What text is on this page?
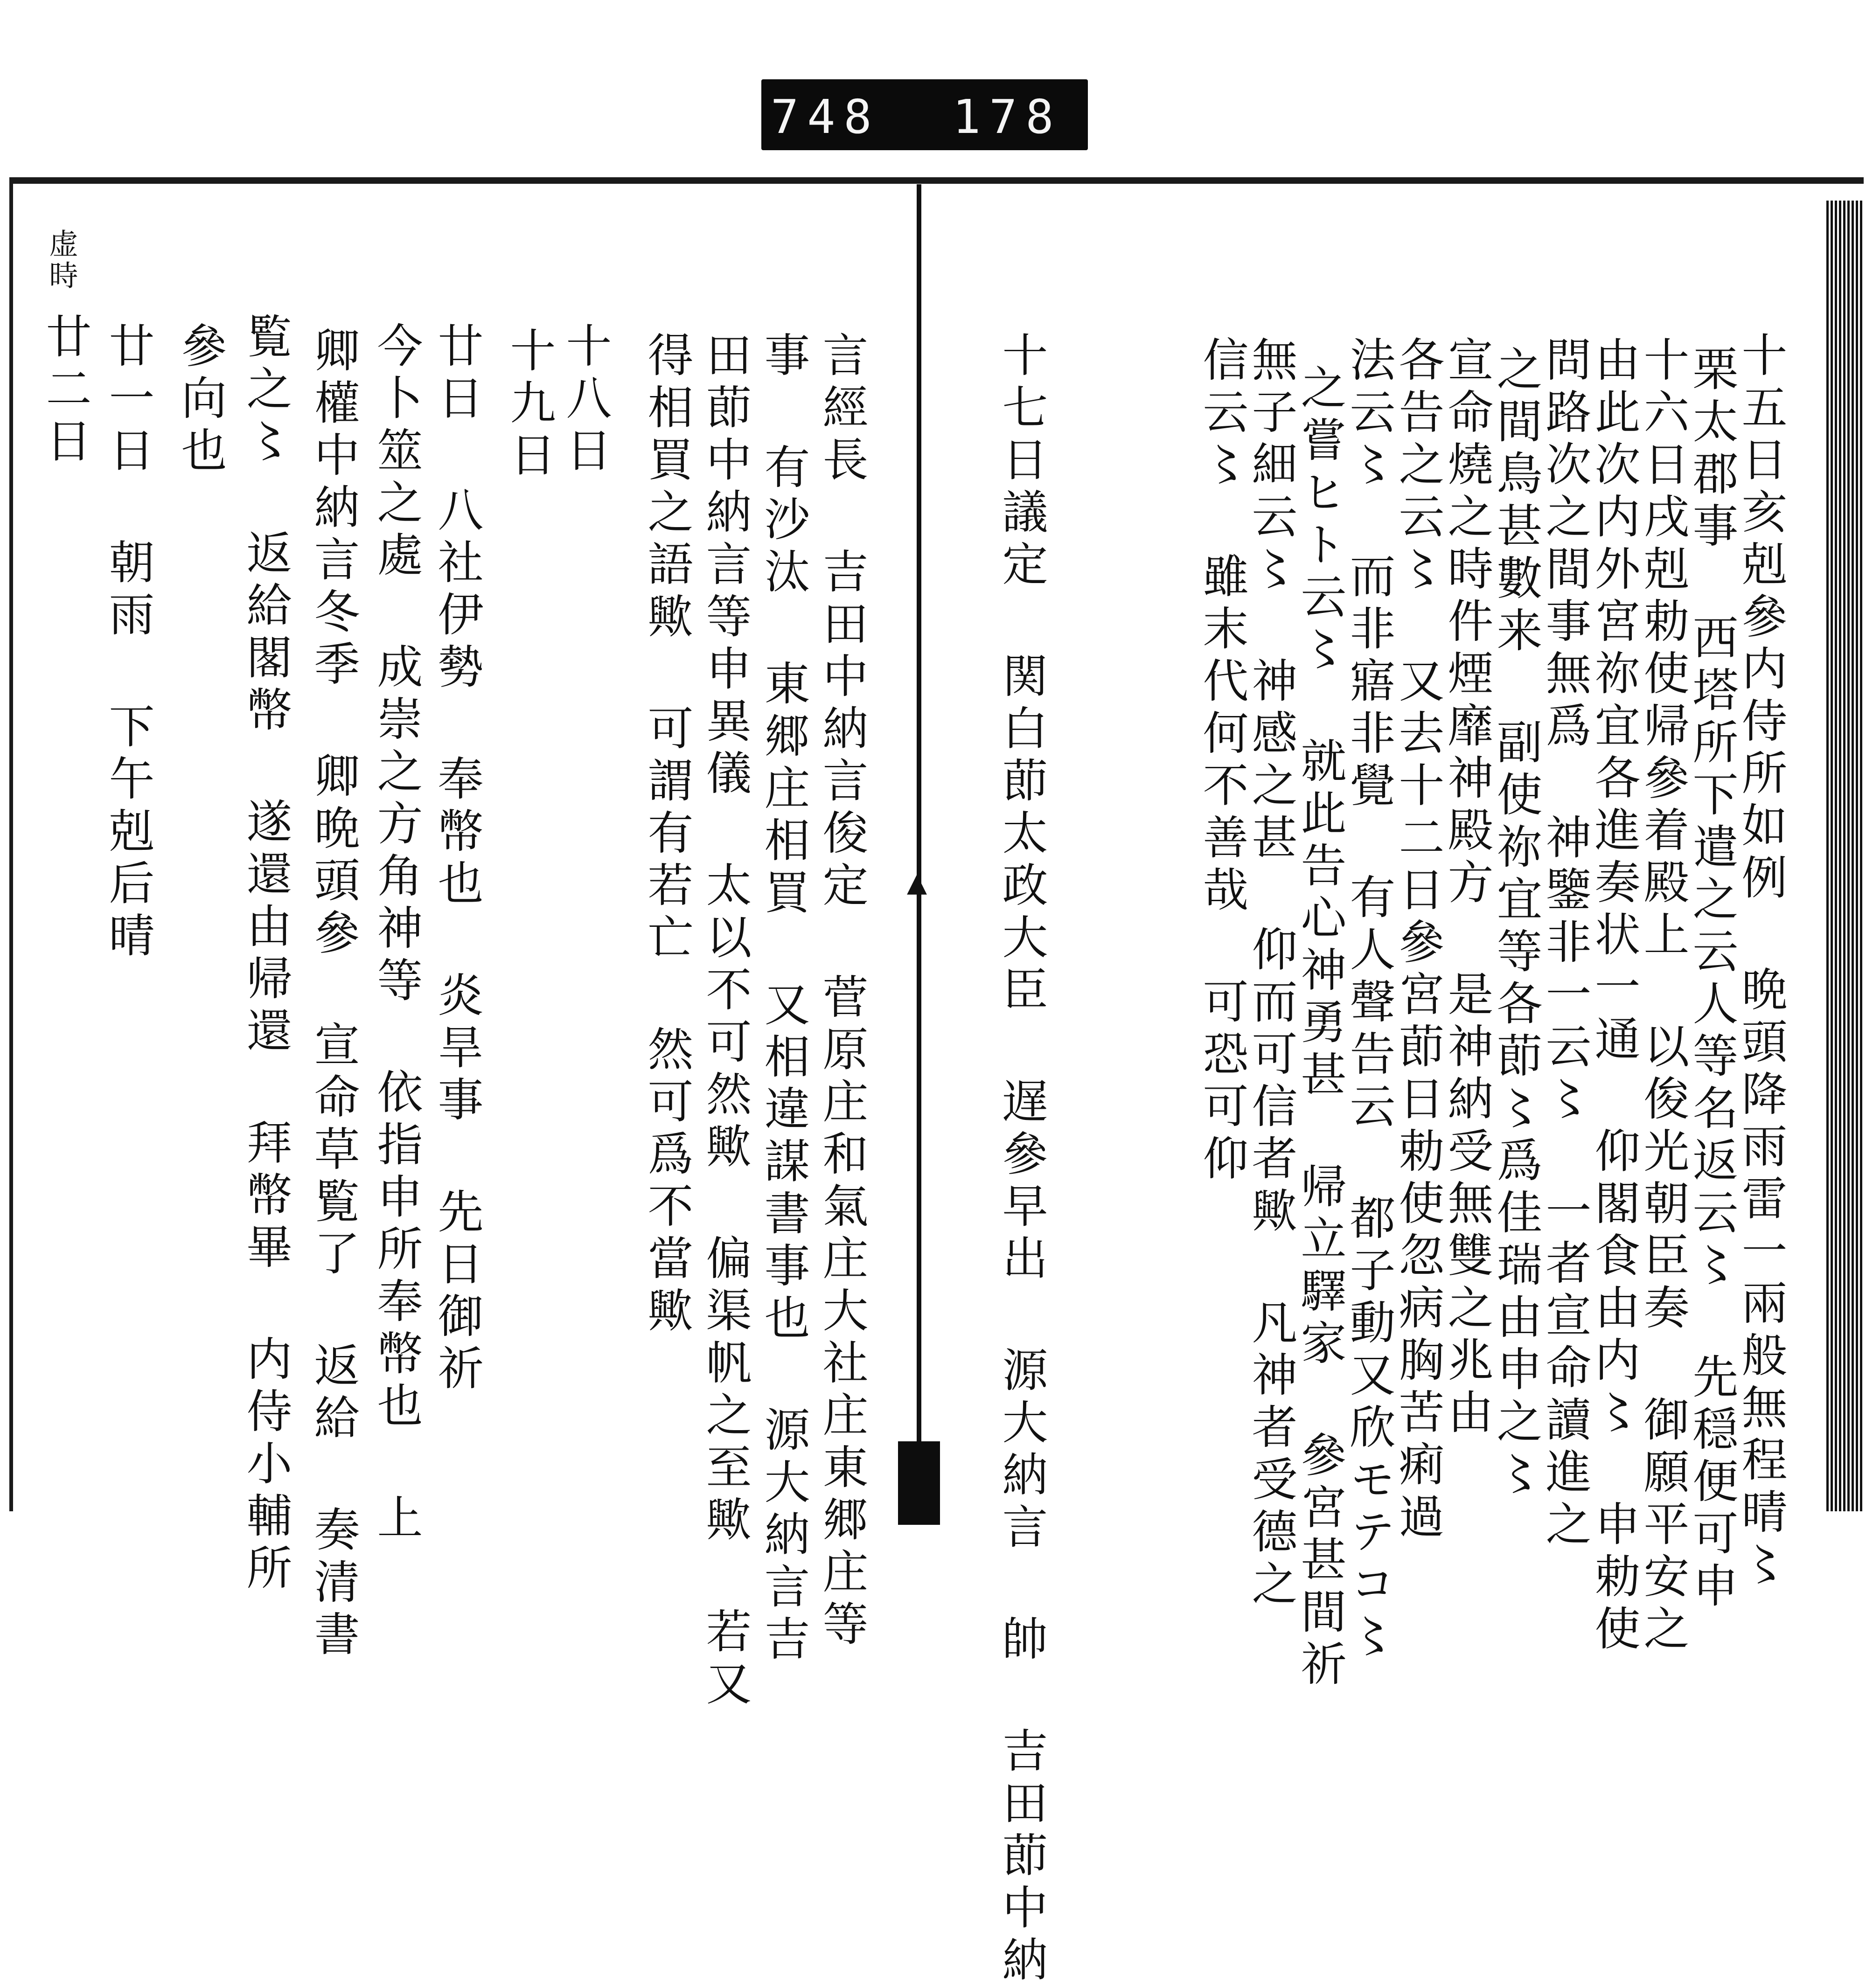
748 178
▲	十五日亥剋參内侍所如例 晩頭降雨雷一兩般無程晴〻
栗太郡事 西塔所下遣之云人等名返云〻 先穏便可申
十六日戌剋勅使帰參着殿上 以俊光朝臣奏 御願平安之
由此次内外宮祢宜各進奏状一通 仰閣食由内〻 申勅使
問路次之間事無爲 神鑒非一云〻 一者宣命讀進之
之間鳥甚數来 副使祢宜等各莭〻爲佳瑞由申之〻
宣命燒之時件煙靡神殿方 是神納受無雙之兆由
各告之云〻 又去十二日參宮莭日勅使忽病胸苦痢過
法云〻 而非寤非覺 有人聲告云 都子動又欣モテコ〻
之嘗ヒト云〻 就此告心神勇甚 帰立驛家 參宮甚間祈
無子細云〻 神感之甚 仰而可信者歟 凡神者受德之
信云〻 雖末代何不善哉 可恐可仰
十七日議定 関白莭太政大臣 遅參早出 源大納言 帥 吉田莭中納
言經長 吉田中納言俊定 菅原庄和氣庄大社庄東郷庄等
事 有沙汰 東郷庄相買 又相違謀書事也 源大納言吉
田莭中納言等申異儀 太以不可然歟 偏渠帆之至歟 若又
得相買之語歟 可謂有若亡 然可爲不當歟
十八日
十九日
廿日 八社伊勢 奉幣也 炎旱事 先日御祈
今卜筮之處 成崇之方角神等 依指申所奉幣也 上
卿權中納言冬季 卿晩頭參 宣命草覧了 返給 奏清書
覧之〻 返給閣幣 遂還由帰還 拜幣畢 内侍小輔所
參向也
廿一日 朝雨 下午剋后晴
廿二日
虚時
